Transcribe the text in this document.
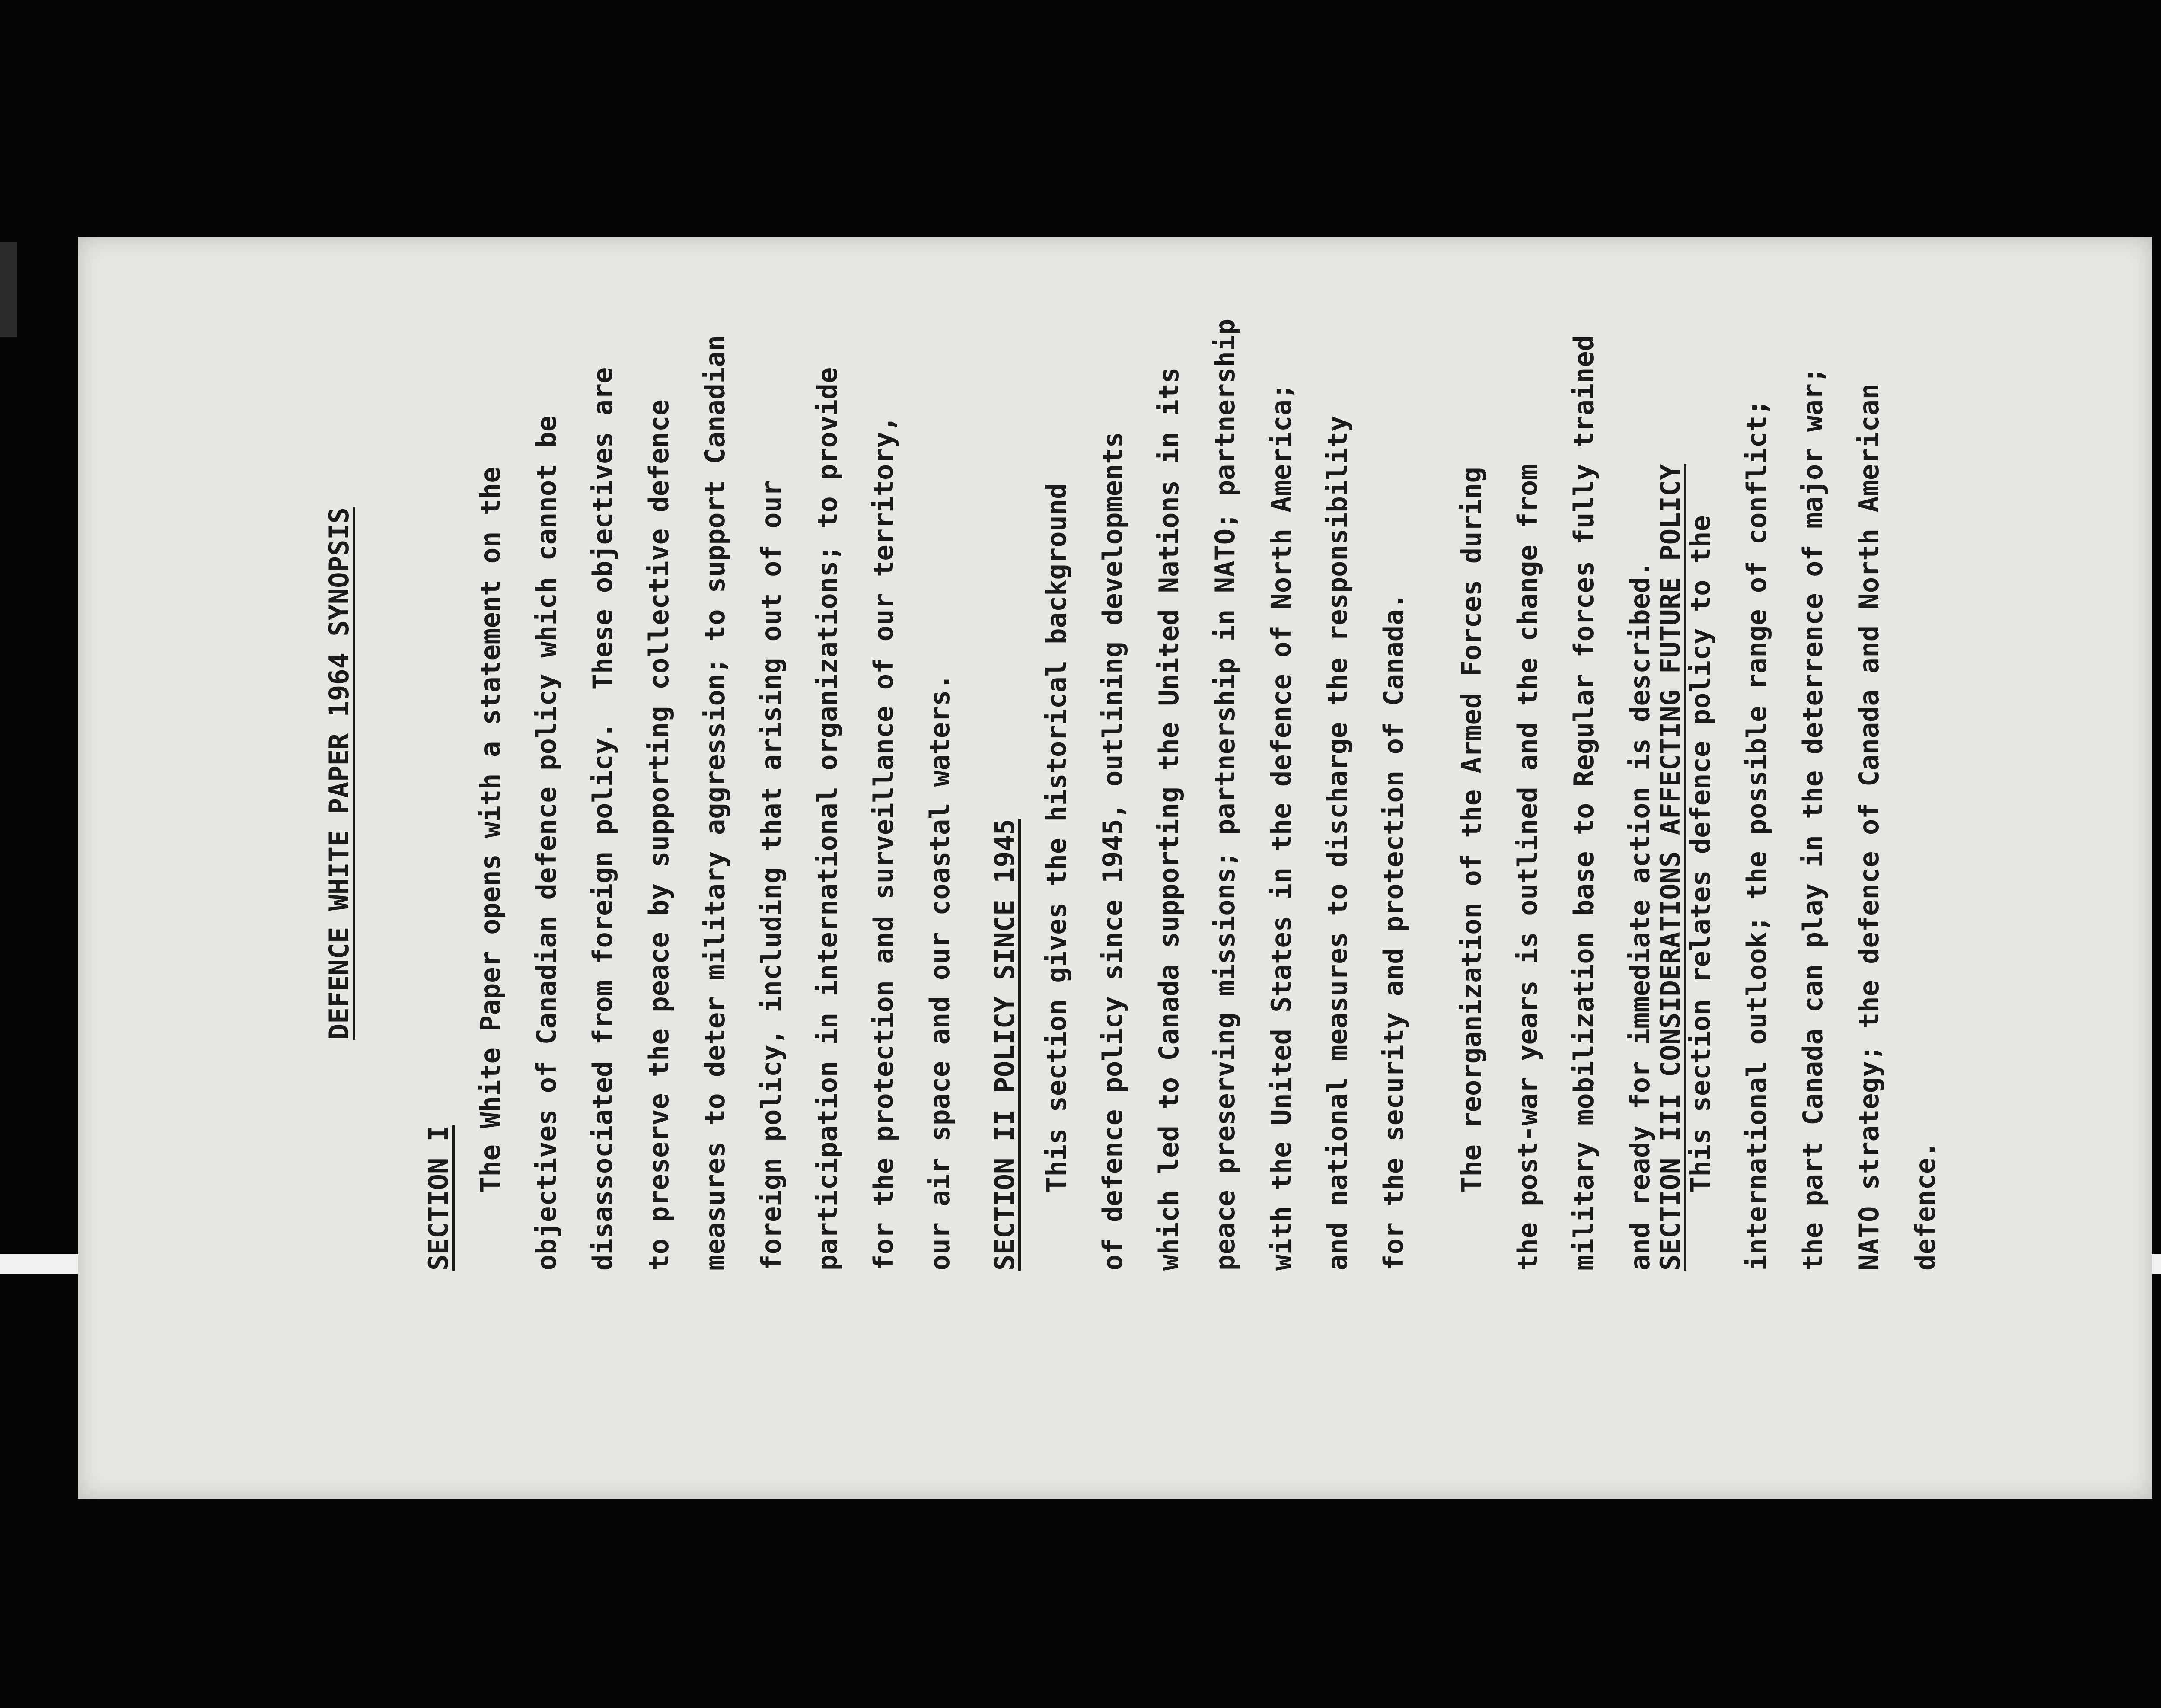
DEFENCE WHITE PAPER 1964 SYNOPSIS
SECTION I
The White Paper opens with a statement on the objectives of Canadian defence policy which cannot be disassociated from foreign policy.  These objectives are to preserve the peace by supporting collective defence measures to deter military aggression; to support Canadian foreign policy, including that arising out of our participation in international organizations; to provide for the protection and surveillance of our territory, our air space and our coastal waters.	SECTION II POLICY SINCE 1945 This section gives the historical background of defence policy since 1945, outlining developments which led to Canada supporting the United Nations in its peace preserving missions; partnership in NATO; partnership with the United States in the defence of North America; and national measures to discharge the responsibility for the security and protection of Canada.	The reorganization of the Armed Forces during the post-war years is outlined and the change from military mobilization base to Regular forces fully trained and ready for immediate action is described.
SECTION III CONSIDERATIONS AFFECTING FUTURE POLICY
This section relates defence policy to the international outlook; the possible range of conflict; the part Canada can play in the deterrence of major war; NATO strategy; the defence of Canada and North American defence.
